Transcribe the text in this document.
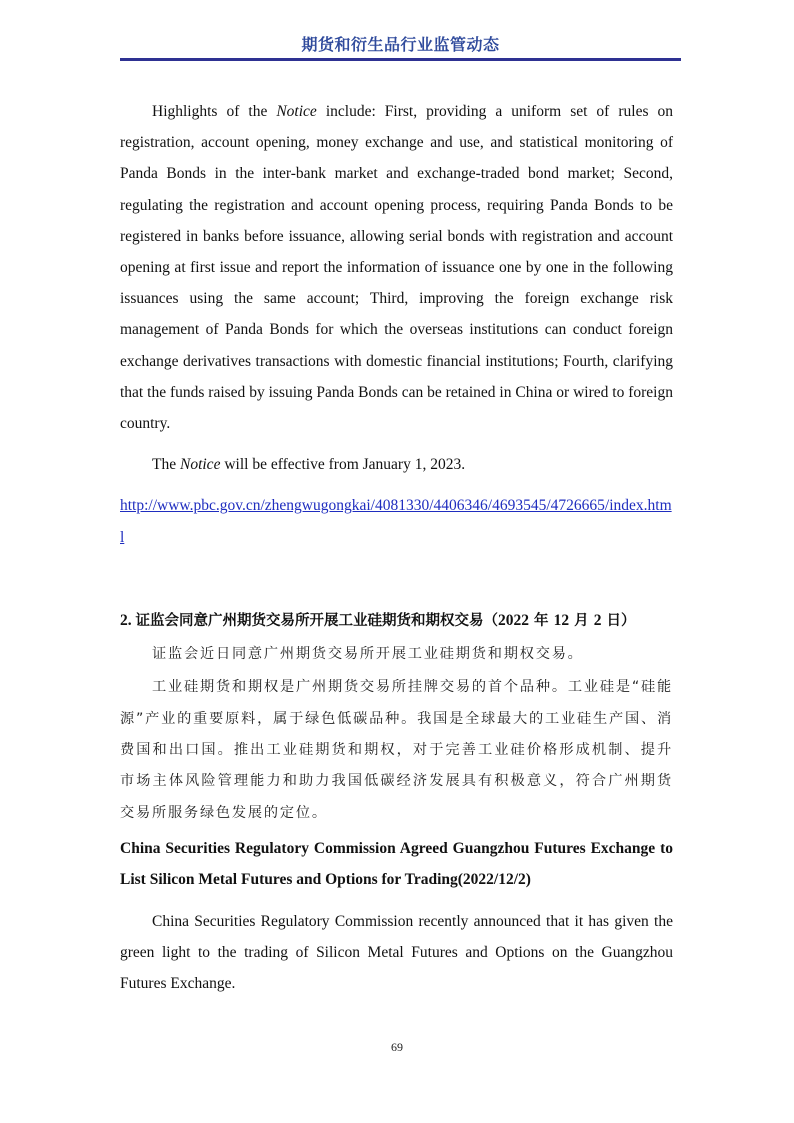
期货和衍生品行业监管动态

Highlights of the Notice include: First, providing a uniform set of rules on registration, account opening, money exchange and use, and statistical monitoring of Panda Bonds in the inter-bank market and exchange-traded bond market; Second, regulating the registration and account opening process, requiring Panda Bonds to be registered in banks before issuance, allowing serial bonds with registration and account opening at first issue and report the information of issuance one by one in the following issuances using the same account; Third, improving the foreign exchange risk management of Panda Bonds for which the overseas institutions can conduct foreign exchange derivatives transactions with domestic financial institutions; Fourth, clarifying that the funds raised by issuing Panda Bonds can be retained in China or wired to foreign country.

The Notice will be effective from January 1, 2023.

http://www.pbc.gov.cn/zhengwugongkai/4081330/4406346/4693545/4726665/index.html
2. 证监会同意广州期货交易所开展工业硅期货和期权交易（2022 年 12 月 2 日）

证监会近日同意广州期货交易所开展工业硅期货和期权交易。

工业硅期货和期权是广州期货交易所挂牌交易的首个品种。工业硅是“硅能源”产业的重要原料，属于绿色低碳品种。我国是全球最大的工业硅生产国、消费国和出口国。推出工业硅期货和期权，对于完善工业硅价格形成机制、提升市场主体风险管理能力和助力我国低碳经济发展具有积极意义，符合广州期货交易所服务绿色发展的定位。

China Securities Regulatory Commission Agreed Guangzhou Futures Exchange to List Silicon Metal Futures and Options for Trading(2022/12/2)

China Securities Regulatory Commission recently announced that it has given the green light to the trading of Silicon Metal Futures and Options on the Guangzhou Futures Exchange.

69
